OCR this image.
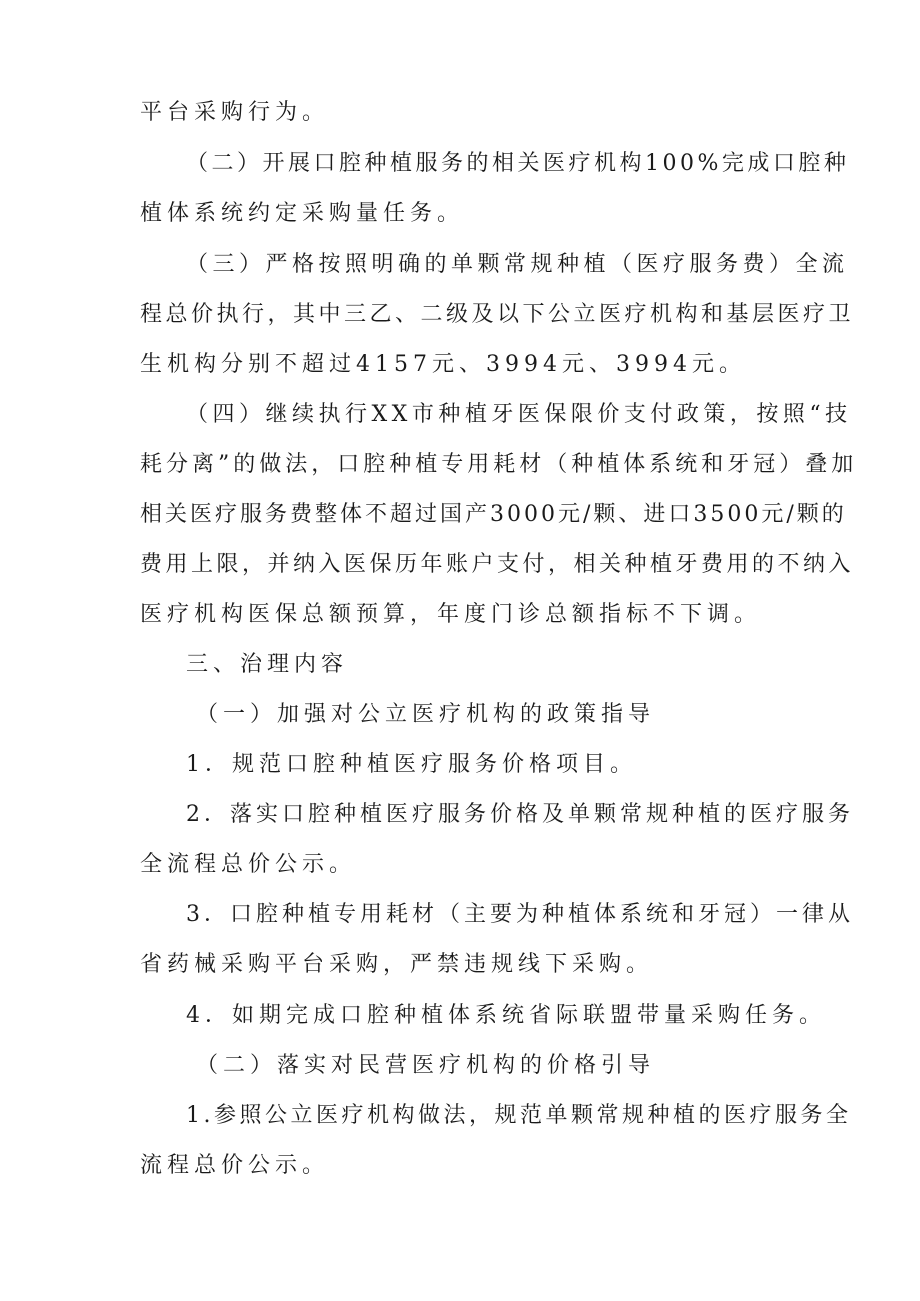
平台采购行为。
（二）开展口腔种植服务的相关医疗机构100%完成口腔种
植体系统约定采购量任务。
（三）严格按照明确的单颗常规种植（医疗服务费）全流
程总价执行，其中三乙、二级及以下公立医疗机构和基层医疗卫
生机构分别不超过4157元、3994元、3994元。
（四）继续执行XX市种植牙医保限价支付政策，按照“技
耗分离”的做法，口腔种植专用耗材（种植体系统和牙冠）叠加
相关医疗服务费整体不超过国产3000元/颗、进口3500元/颗的
费用上限，并纳入医保历年账户支付，相关种植牙费用的不纳入
医疗机构医保总额预算，年度门诊总额指标不下调。
三、治理内容
（一）加强对公立医疗机构的政策指导
1．规范口腔种植医疗服务价格项目。
2．落实口腔种植医疗服务价格及单颗常规种植的医疗服务
全流程总价公示。
3．口腔种植专用耗材（主要为种植体系统和牙冠）一律从
省药械采购平台采购，严禁违规线下采购。
4．如期完成口腔种植体系统省际联盟带量采购任务。
（二）落实对民营医疗机构的价格引导
1.参照公立医疗机构做法，规范单颗常规种植的医疗服务全
流程总价公示。
